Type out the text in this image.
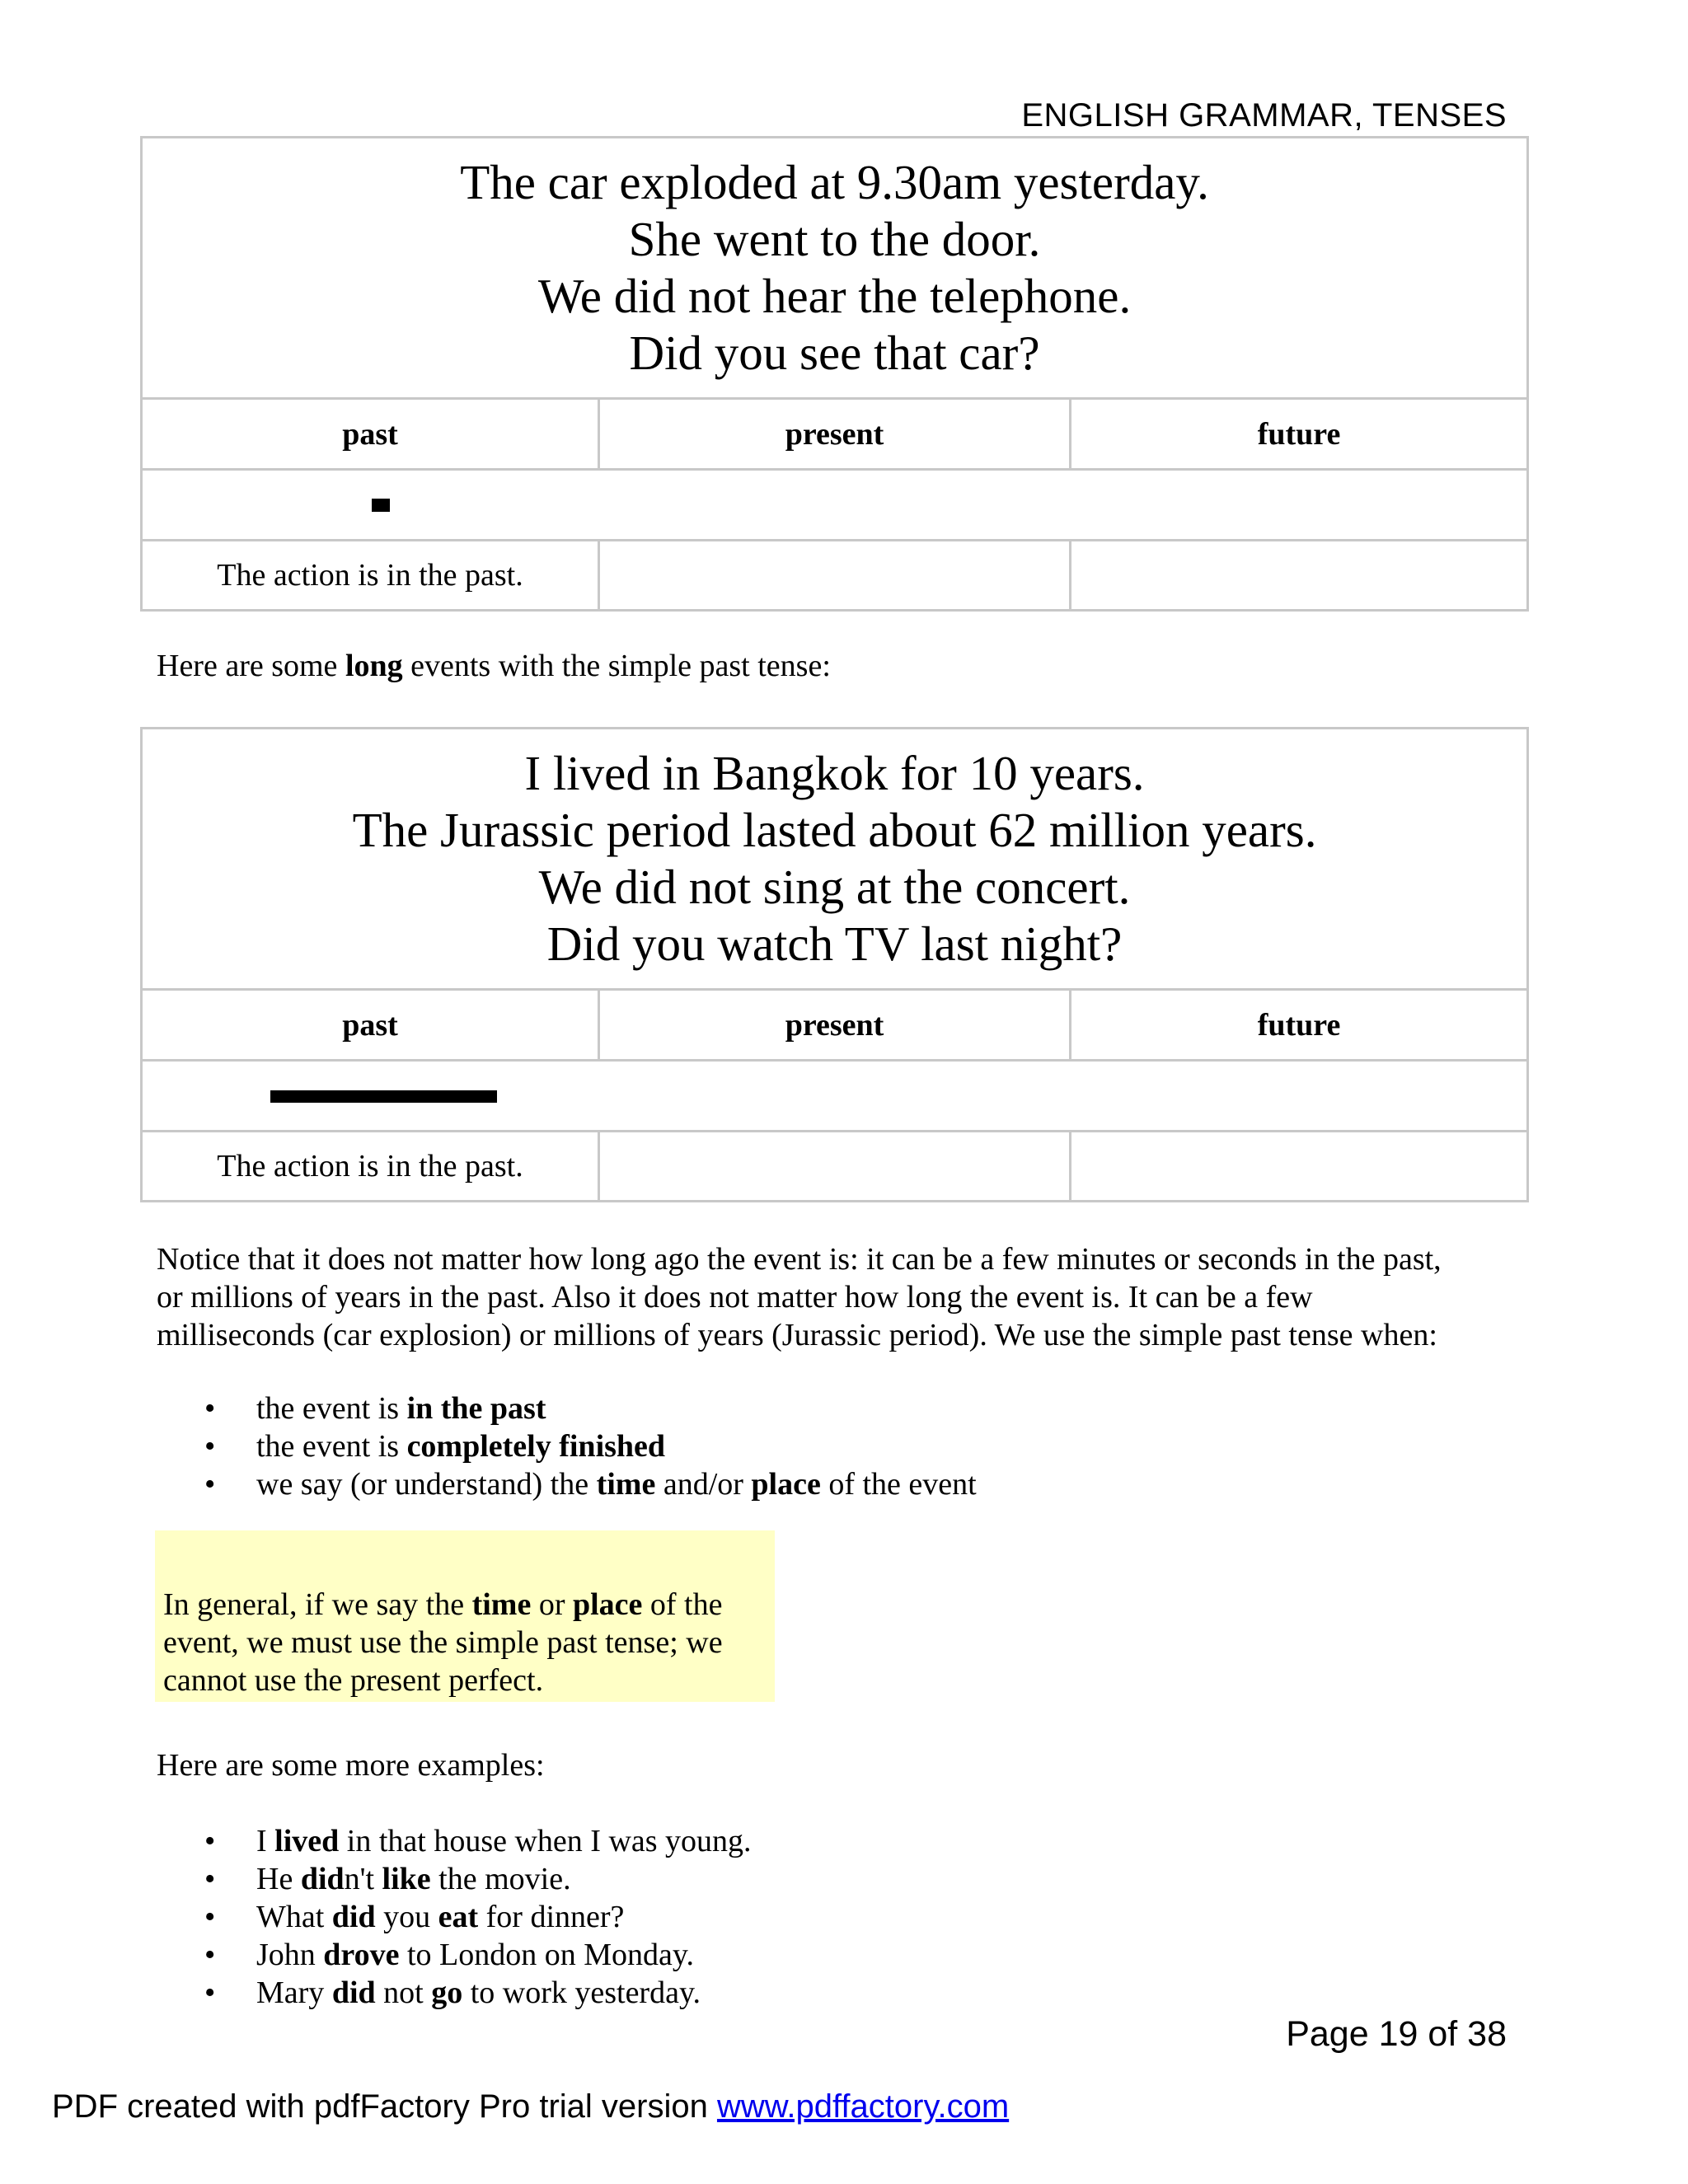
ENGLISH GRAMMAR, TENSES
The car exploded at 9.30am yesterday.
She went to the door.
We did not hear the telephone.
Did you see that car?		

past	present	future

The action is in the past.		
Here are some long events with the simple past tense:
I lived in Bangkok for 10 years.
The Jurassic period lasted about 62 million years.
We did not sing at the concert.
Did you watch TV last night?		

past	present	future

The action is in the past.		
Notice that it does not matter how long ago the event is: it can be a few minutes or seconds in the past,
or millions of years in the past. Also it does not matter how long the event is. It can be a few
milliseconds (car explosion) or millions of years (Jurassic period). We use the simple past tense when:
• the event is in the past
• the event is completely finished
• we say (or understand) the time and/or place of the event
In general, if we say the time or place of the
event, we must use the simple past tense; we
cannot use the present perfect.
Here are some more examples:
• I lived in that house when I was young.
• He didn't like the movie.
• What did you eat for dinner?
• John drove to London on Monday.
• Mary did not go to work yesterday.
Page 19 of 38
PDF created with pdfFactory Pro trial version www.pdffactory.com
